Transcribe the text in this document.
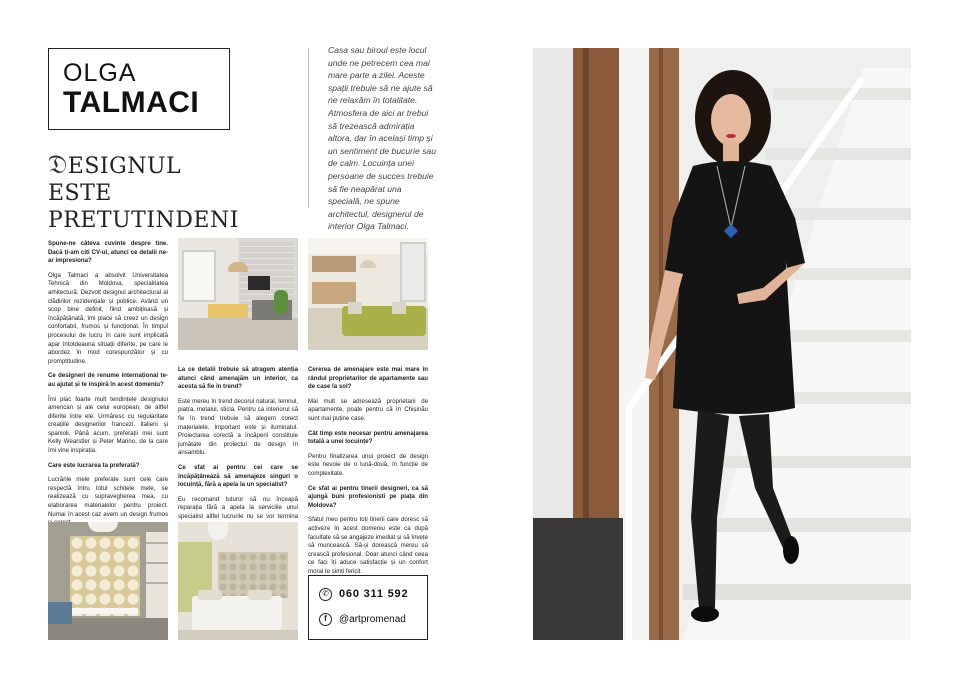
OLGA
TALMACI
𝔇ESIGNUL ESTE
PRETUTINDENI
Casa sau biroul este locul unde ne petrecem cea mai mare parte a zilei. Aceste spații trebuie să ne ajute să ne relaxăm în totalitate. Atmosfera de aici ar trebui să trezească admirația altora, dar în același timp și un sentiment de bucurie sau de calm. Locuința unei persoane de succes trebuie să fie neapărat una specială, ne spune architectul, designerul de interior Olga Talmaci.

Spune-ne câteva cuvinte despre tine. Dacă ți-am citi CV-ul, atunci ce detalii ne-ar impresiona?

Olga Talmaci a absolvit Universitatea Tehnică din Moldova, specialitatea arhitectură. Dezvolt designul architectural al clădirilor rezidențiale și publice. Având un scop bine definit, fiind ambițioasă și încăpățânată, îmi place să creez un design confortabil, frumos și funcțional. În timpul procesului de lucru în care sunt implicată apar întotdeauna situații diferite, pe care le abordez în mod corespunzător și cu promptitudine.

Ce designeri de renume internațional te-au ajutat și te inspiră în acest domeniu?

Îmi plac foarte mult tendințele designului american și ale celui european, de altfel diferite între ele. Urmăresc cu regularitate creațiile designerilor francezi, italieni și spanioli. Până acum, preferații mei sunt Kelly Wearstler și Peter Marino, de la care îmi vine inspirația.

Care este lucrarea ta preferată?

Lucrările mele preferate sunt cele care respectă întru totul schițele mele, se realizează cu supravegherea mea, cu elaborarea materialelor pentru proiect. Numai în acest caz avem un design frumos

La ce detalii trebuie să atragem atenția atunci când amenajăm un interior, ca acesta să fie în trend?

Este mereu în trend decorul natural, lemnul, piatra, metalul, sticla. Pentru ca interiorul să fie în trend trebuie să alegem corect materialele. Important este și iluminatul. Proiectarea corectă a încăperii constituie jumătate din proiectul de design în ansamblu.

Ce sfat ai pentru cei care se încăpățânează să amenajeze singuri o locuință, fără a apela la un specialist?

Eu recomand tuturor să nu înceapă reparația fără a apela la serviciile unui specialist altfel lucrurile nu se vor termina

Cererea de amenajare este mai mare în rândul proprietarilor de apartamente sau de case la sol?

Mai mult se adresează proprietarii de apartamente, poate pentru că în Chișinău sunt mai puține case.

Cât timp este necesar pentru amenajarea totală a unei locuințe?

Pentru finalizarea unui proiect de design este nevoie de o lună-două, în funcție de complexitate.

Ce sfat ai pentru tinerii designeri, ca să ajungă buni profesioniști pe piața din Moldova?

Sfatul meu pentru toți tinerii care doresc să activeze în acest domeniu este ca după facultate să se angajeze imediat și să învețe să muncească. Să-și dorească mereu să crească profesional. Doar atunci când ceea ce faci îți aduce satisfacție și un confort moral te simți fericit.

✆ 060 311 592
f	@artpromenad
